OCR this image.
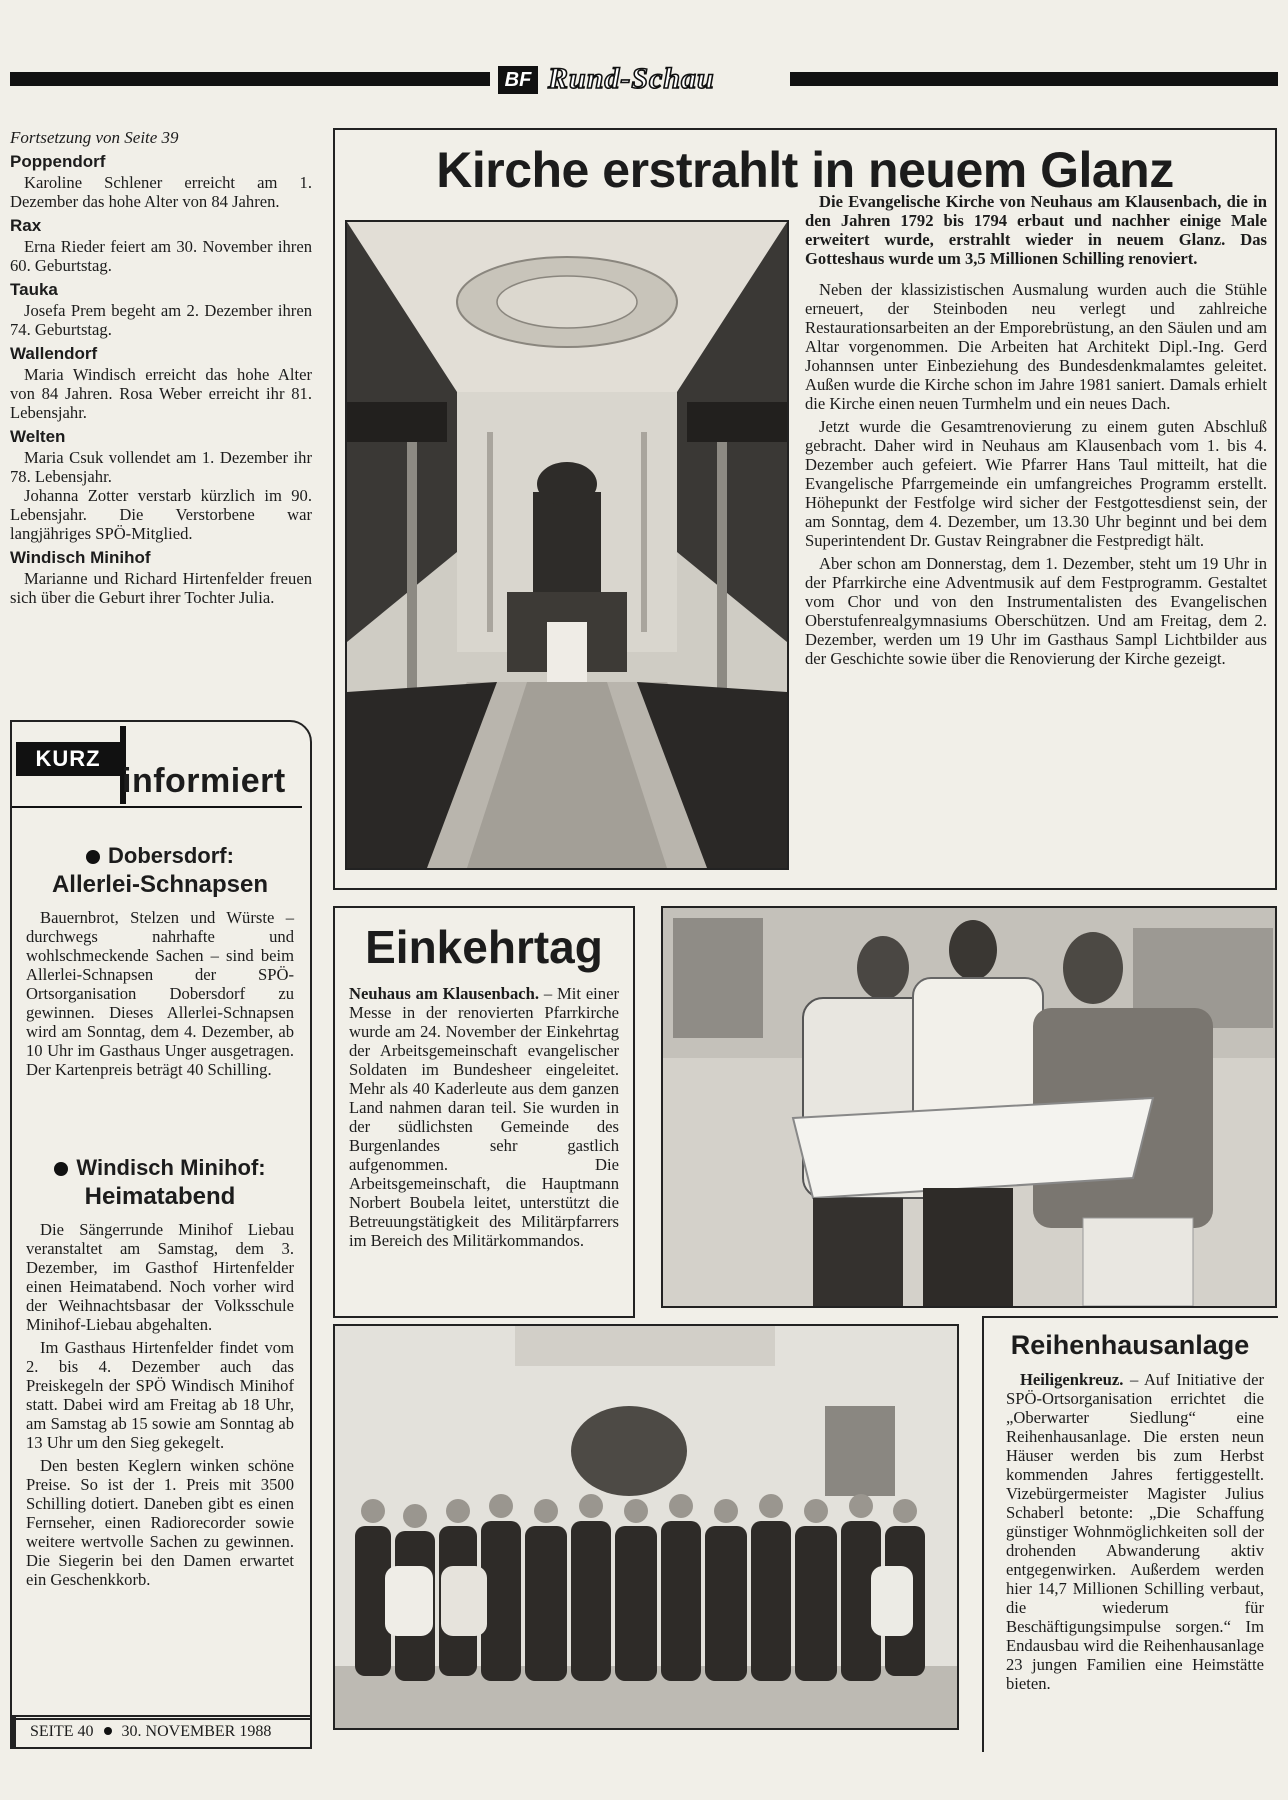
BF Rund-Schau
Fortsetzung von Seite 39
Poppendorf

Karoline Schlener erreicht am 1. Dezember das hohe Alter von 84 Jahren.

Rax

Erna Rieder feiert am 30. November ihren 60. Geburtstag.

Tauka

Josefa Prem begeht am 2. Dezember ihren 74. Geburtstag.

Wallendorf

Maria Windisch erreicht das hohe Alter von 84 Jahren. Rosa Weber erreicht ihr 81. Lebensjahr.

Welten

Maria Csuk vollendet am 1. Dezember ihr 78. Lebensjahr.

Johanna Zotter verstarb kürzlich im 90. Lebensjahr. Die Verstorbene war langjähriges SPÖ-Mitglied.

Windisch Minihof

Marianne und Richard Hirtenfelder freuen sich über die Geburt ihrer Tochter Julia.

KURZ
informiert
Dobersdorf:
Allerlei-Schnapsen

Bauernbrot, Stelzen und Würste – durchwegs nahrhafte und wohlschmeckende Sachen – sind beim Allerlei-Schnapsen der SPÖ-Ortsorganisation Dobersdorf zu gewinnen. Dieses Allerlei-Schnapsen wird am Sonntag, dem 4. Dezember, ab 10 Uhr im Gasthaus Unger ausgetragen. Der Kartenpreis beträgt 40 Schilling.

Windisch Minihof:
Heimatabend

Die Sängerrunde Minihof Liebau veranstaltet am Samstag, dem 3. Dezember, im Gasthof Hirtenfelder einen Heimatabend. Noch vorher wird der Weihnachtsbasar der Volksschule Minihof-Liebau abgehalten.

Im Gasthaus Hirtenfelder findet vom 2. bis 4. Dezember auch das Preiskegeln der SPÖ Windisch Minihof statt. Dabei wird am Freitag ab 18 Uhr, am Samstag ab 15 sowie am Sonntag ab 13 Uhr um den Sieg gekegelt.

Den besten Keglern winken schöne Preise. So ist der 1. Preis mit 3500 Schilling dotiert. Daneben gibt es einen Fernseher, einen Radiorecorder sowie weitere wertvolle Sachen zu gewinnen. Die Siegerin bei den Damen erwartet ein Geschenkkorb.

SEITE 40 30. NOVEMBER 1988
Kirche erstrahlt in neuem Glanz

Die Evangelische Kirche von Neuhaus am Klausenbach, die in den Jahren 1792 bis 1794 erbaut und nachher einige Male erweitert wurde, erstrahlt wieder in neuem Glanz. Das Gotteshaus wurde um 3,5 Millionen Schilling renoviert.

Neben der klassizistischen Ausmalung wurden auch die Stühle erneuert, der Steinboden neu verlegt und zahlreiche Restaurationsarbeiten an der Emporebrüstung, an den Säulen und am Altar vorgenommen. Die Arbeiten hat Architekt Dipl.-Ing. Gerd Johannsen unter Einbeziehung des Bundesdenkmalamtes geleitet. Außen wurde die Kirche schon im Jahre 1981 saniert. Damals erhielt die Kirche einen neuen Turmhelm und ein neues Dach.

Jetzt wurde die Gesamtrenovierung zu einem guten Abschluß gebracht. Daher wird in Neuhaus am Klausenbach vom 1. bis 4. Dezember auch gefeiert. Wie Pfarrer Hans Taul mitteilt, hat die Evangelische Pfarrgemeinde ein umfangreiches Programm erstellt. Höhepunkt der Festfolge wird sicher der Festgottesdienst sein, der am Sonntag, dem 4. Dezember, um 13.30 Uhr beginnt und bei dem Superintendent Dr. Gustav Reingrabner die Festpredigt hält.

Aber schon am Donnerstag, dem 1. Dezember, steht um 19 Uhr in der Pfarrkirche eine Adventmusik auf dem Festprogramm. Gestaltet vom Chor und von den Instrumentalisten des Evangelischen Oberstufenrealgymnasiums Oberschützen. Und am Freitag, dem 2. Dezember, werden um 19 Uhr im Gasthaus Sampl Lichtbilder aus der Geschichte sowie über die Renovierung der Kirche gezeigt.

Einkehrtag

Neuhaus am Klausenbach. – Mit einer Messe in der renovierten Pfarrkirche wurde am 24. November der Einkehrtag der Arbeitsgemeinschaft evangelischer Soldaten im Bundesheer eingeleitet. Mehr als 40 Kaderleute aus dem ganzen Land nahmen daran teil. Sie wurden in der südlichsten Gemeinde des Burgenlandes sehr gastlich aufgenommen. Die Arbeitsgemeinschaft, die Hauptmann Norbert Boubela leitet, unterstützt die Betreuungstätigkeit des Militärpfarrers im Bereich des Militärkommandos.

Reihenhausanlage

Heiligenkreuz. – Auf Initiative der SPÖ-Ortsorganisation errichtet die „Oberwarter Siedlung“ eine Reihenhausanlage. Die ersten neun Häuser werden bis zum Herbst kommenden Jahres fertiggestellt. Vizebürgermeister Magister Julius Schaberl betonte: „Die Schaffung günstiger Wohnmöglichkeiten soll der drohenden Abwanderung aktiv entgegenwirken. Außerdem werden hier 14,7 Millionen Schilling verbaut, die wiederum für Beschäftigungsimpulse sorgen.“ Im Endausbau wird die Reihenhausanlage 23 jungen Familien eine Heimstätte bieten.
